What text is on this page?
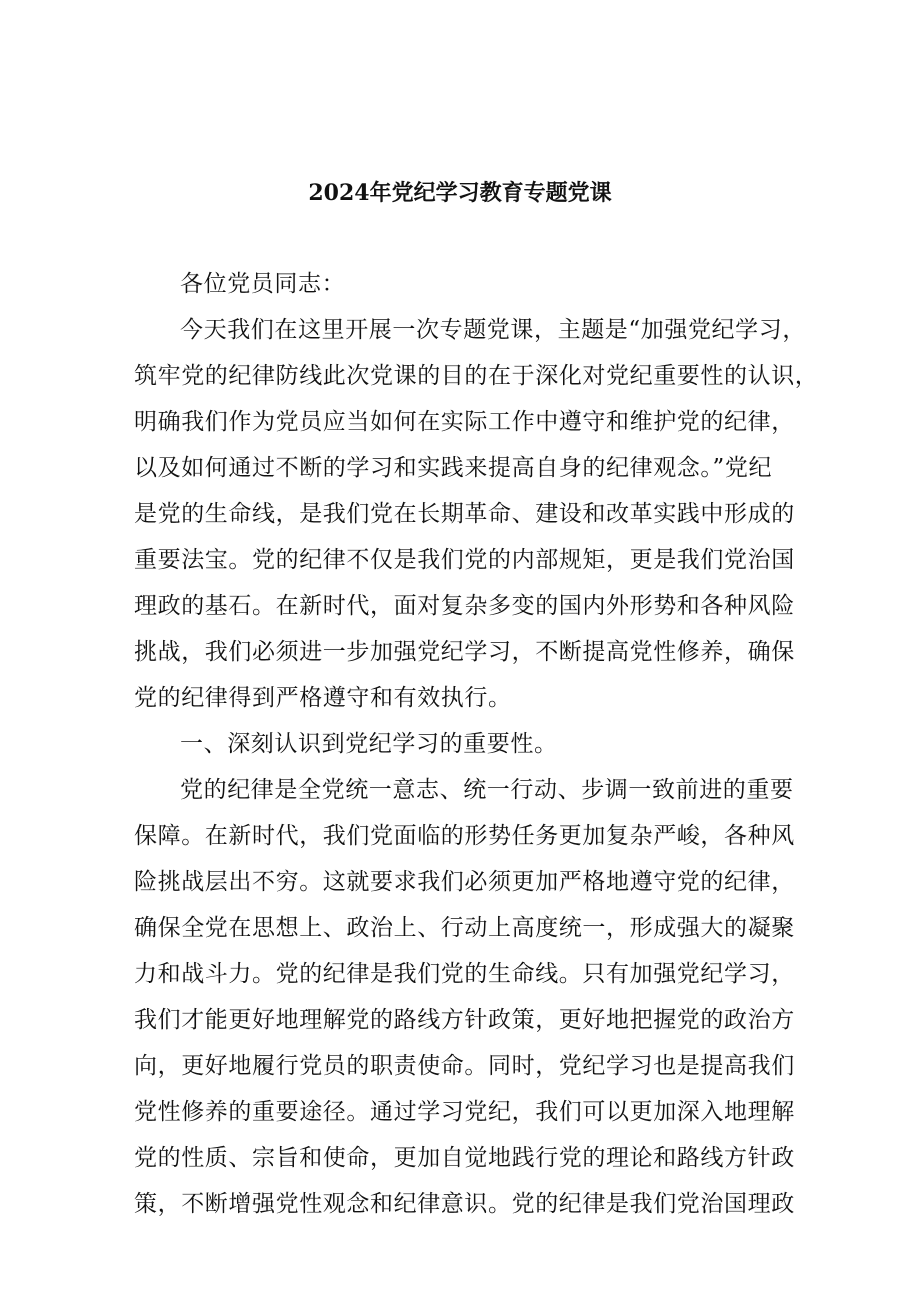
2024年党纪学习教育专题党课

各位党员同志：

今天我们在这里开展一次专题党课，主题是“加强党纪学习，

筑牢党的纪律防线此次党课的目的在于深化对党纪重要性的认识，

明确我们作为党员应当如何在实际工作中遵守和维护党的纪律，

以及如何通过不断的学习和实践来提高自身的纪律观念。”党纪

是党的生命线，是我们党在长期革命、建设和改革实践中形成的

重要法宝。党的纪律不仅是我们党的内部规矩，更是我们党治国

理政的基石。在新时代，面对复杂多变的国内外形势和各种风险

挑战，我们必须进一步加强党纪学习，不断提高党性修养，确保

党的纪律得到严格遵守和有效执行。

一、深刻认识到党纪学习的重要性。

党的纪律是全党统一意志、统一行动、步调一致前进的重要

保障。在新时代，我们党面临的形势任务更加复杂严峻，各种风

险挑战层出不穷。这就要求我们必须更加严格地遵守党的纪律，

确保全党在思想上、政治上、行动上高度统一，形成强大的凝聚

力和战斗力。党的纪律是我们党的生命线。只有加强党纪学习，

我们才能更好地理解党的路线方针政策，更好地把握党的政治方

向，更好地履行党员的职责使命。同时，党纪学习也是提高我们

党性修养的重要途径。通过学习党纪，我们可以更加深入地理解

党的性质、宗旨和使命，更加自觉地践行党的理论和路线方针政

策，不断增强党性观念和纪律意识。党的纪律是我们党治国理政
